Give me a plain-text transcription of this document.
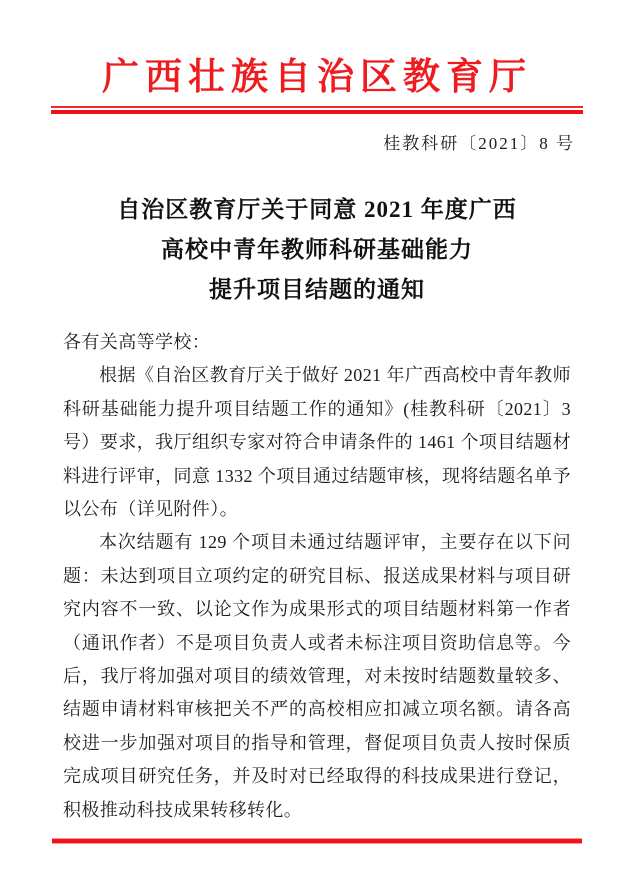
广西壮族自治区教育厅
桂教科研〔2021〕8 号
自治区教育厅关于同意 2021 年度广西
高校中青年教师科研基础能力
提升项目结题的通知

各有关高等学校：

根据《自治区教育厅关于做好 2021 年广西高校中青年教师科研基础能力提升项目结题工作的通知》(桂教科研〔2021〕3 号）要求，我厅组织专家对符合申请条件的 1461 个项目结题材料进行评审，同意 1332 个项目通过结题审核，现将结题名单予以公布（详见附件）。

本次结题有 129 个项目未通过结题评审，主要存在以下问题：未达到项目立项约定的研究目标、报送成果材料与项目研究内容不一致、以论文作为成果形式的项目结题材料第一作者（通讯作者）不是项目负责人或者未标注项目资助信息等。今后，我厅将加强对项目的绩效管理，对未按时结题数量较多、结题申请材料审核把关不严的高校相应扣减立项名额。请各高校进一步加强对项目的指导和管理，督促项目负责人按时保质完成项目研究任务，并及时对已经取得的科技成果进行登记，积极推动科技成果转移转化。
